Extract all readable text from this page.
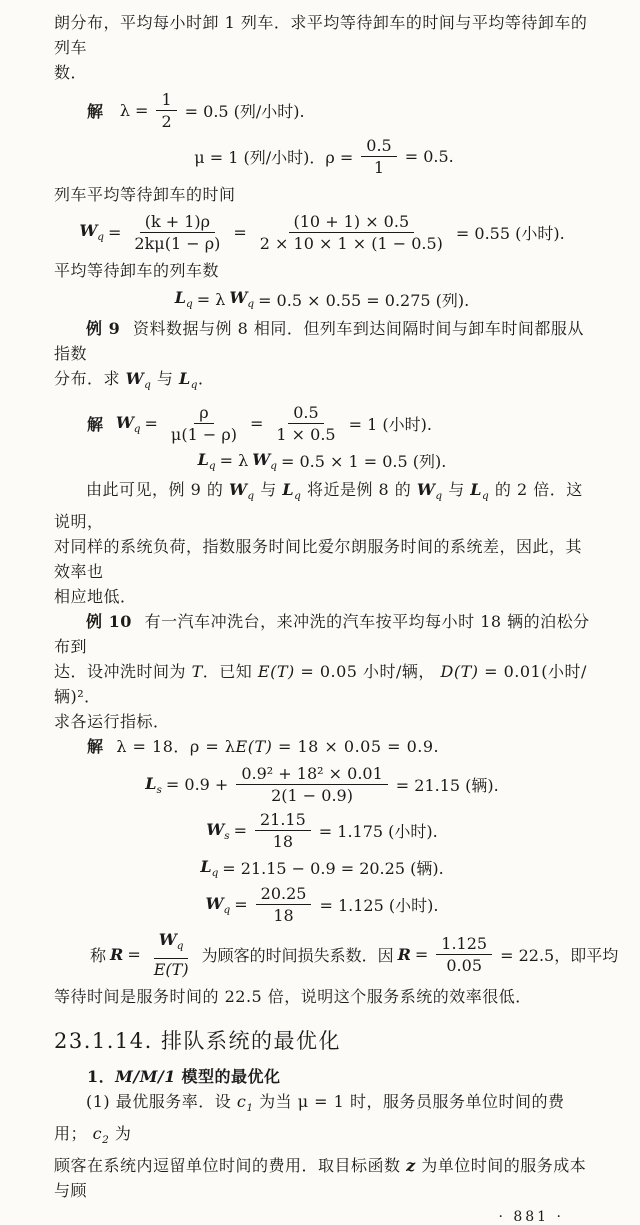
朗分布，平均每小时卸 1 列车．求平均等待卸车的时间与平均等待卸车的列车

数．

解 $\lambda = \frac{1}{2} = 0.5$ (列/小时).
μ = 1 (列/小时)．$\rho = \frac{0.5}{1} = 0.5$.

列车平均等待卸车的时间

$W_q = \frac{(k + 1)\rho}{2k\mu(1 - \rho)} = \frac{(10 + 1) \times 0.5}{2 \times 10 \times 1 \times (1 - 0.5)} = 0.55$ (小时).

平均等待卸车的列车数

$L_q = \lambda$ $W_q = 0.5 \times 0.55 = 0.275$ (列).

例 9 资料数据与例 8 相同．但列车到达间隔时间与卸车时间都服从指数

分布．求 $W_q$ 与 $L_q$．

解 $W_q = \frac{\rho}{\mu(1 - \rho)} = \frac{0.5}{1 \times 0.5} = 1$ (小时).
$L_q = \lambda$ $W_q = 0.5 \times 1 = 0.5$ (列).

由此可见，例 9 的 $W_q$ 与 $L_q$ 将近是例 8 的 $W_q$ 与 $L_q$ 的 2 倍．这说明，

对同样的系统负荷，指数服务时间比爱尔朗服务时间的系统差，因此，其效率也

相应地低．

例 10 有一汽车冲洗台，来冲洗的汽车按平均每小时 18 辆的泊松分布到

达．设冲洗时间为 T．已知 E(T) = 0.05 小时/辆， D(T) = 0.01(小时/辆)²．

求各运行指标．

解 λ = 18．ρ = λE(T) = 18 × 0.05 = 0.9.

$L_s = 0.9 + \frac{\text{0.9² + 18² × 0.01}}{2(1 - 0.9)} = 21.15$ (辆).
$W_s = \frac{21.15}{18} = 1.175$ (小时).
$L_q = 21.15 - 0.9 = 20.25$ (辆).
$W_q = \frac{20.25}{18} = 1.125$ (小时).
称 $R = \frac{W_q}{E(T)}$ 为顾客的时间损失系数．因 $R = \frac{1.125}{0.05} = 22.5$，即平均

等待时间是服务时间的 22.5 倍，说明这个服务系统的效率很低．

23.1.14. 排队系统的最优化

1．M/M/1 模型的最优化

(1) 最优服务率．设 $c_1$ 为当 μ = 1 时，服务员服务单位时间的费用； $c_2$ 为

顾客在系统内逗留单位时间的费用．取目标函数 z 为单位时间的服务成本与顾

· 881 ·
